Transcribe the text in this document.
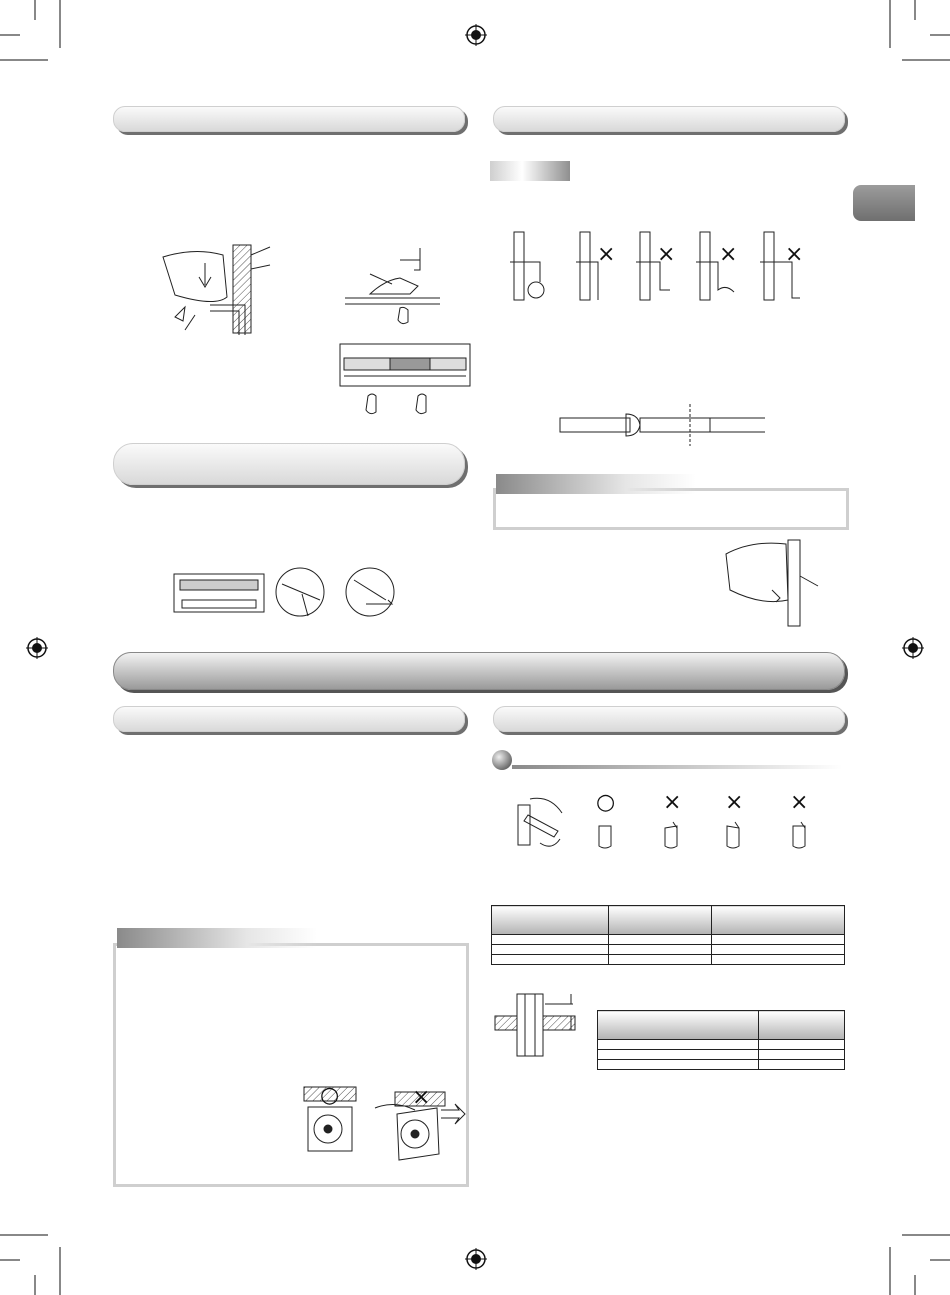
× × × ×
○	×
○ × × ×
